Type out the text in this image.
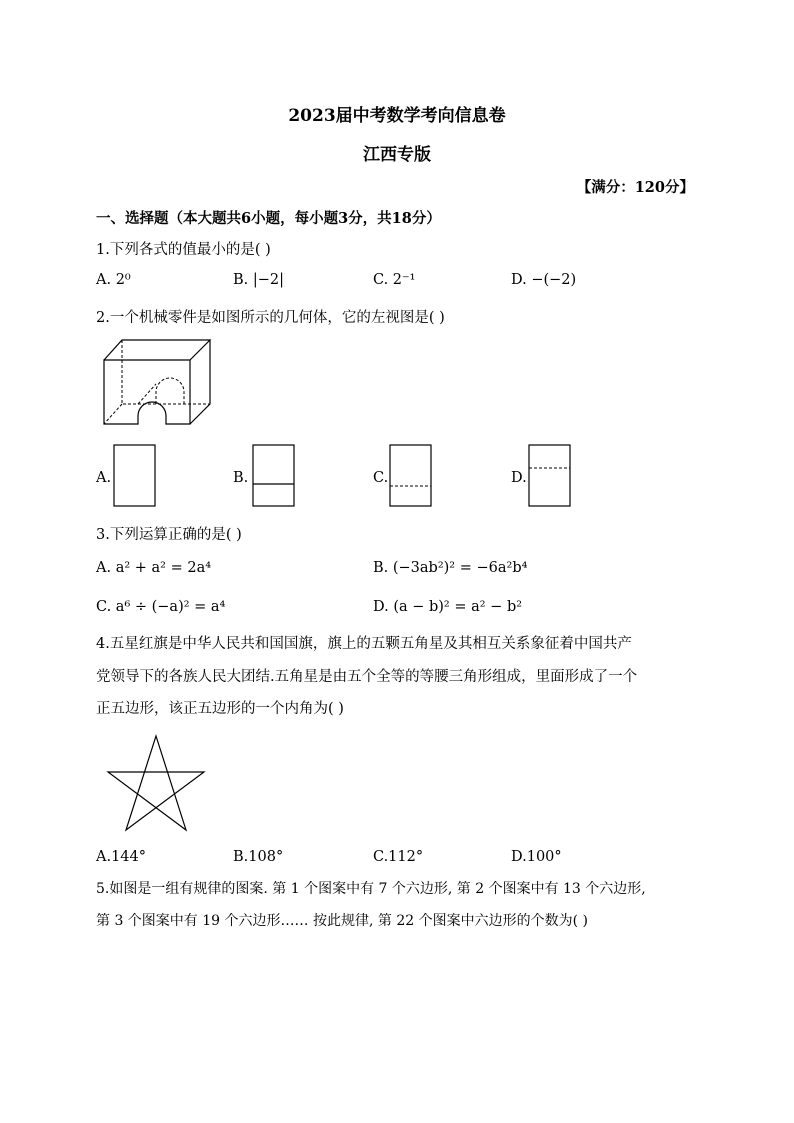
2023届中考数学考向信息卷
江西专版
【满分：120分】
一、选择题（本大题共6小题，每小题3分，共18分）
1.下列各式的值最小的是( )
A. 2⁰	B. |−2|	C. 2⁻¹	D. −(−2)
2.一个机械零件是如图所示的几何体，它的左视图是( )
A.	B.	C.	D.
3.下列运算正确的是( )
A. a² + a² = 2a⁴	B. (−3ab²)² = −6a²b⁴
C. a⁶ ÷ (−a)² = a⁴	D. (a − b)² = a² − b²
4.五星红旗是中华人民共和国国旗，旗上的五颗五角星及其相互关系象征着中国共产
党领导下的各族人民大团结.五角星是由五个全等的等腰三角形组成，里面形成了一个
正五边形，该正五边形的一个内角为( )
A.144°	B.108°	C.112°	D.100°
5.如图是一组有规律的图案. 第 1 个图案中有 7 个六边形, 第 2 个图案中有 13 个六边形,
第 3 个图案中有 19 个六边形…… 按此规律, 第 22 个图案中六边形的个数为( )
